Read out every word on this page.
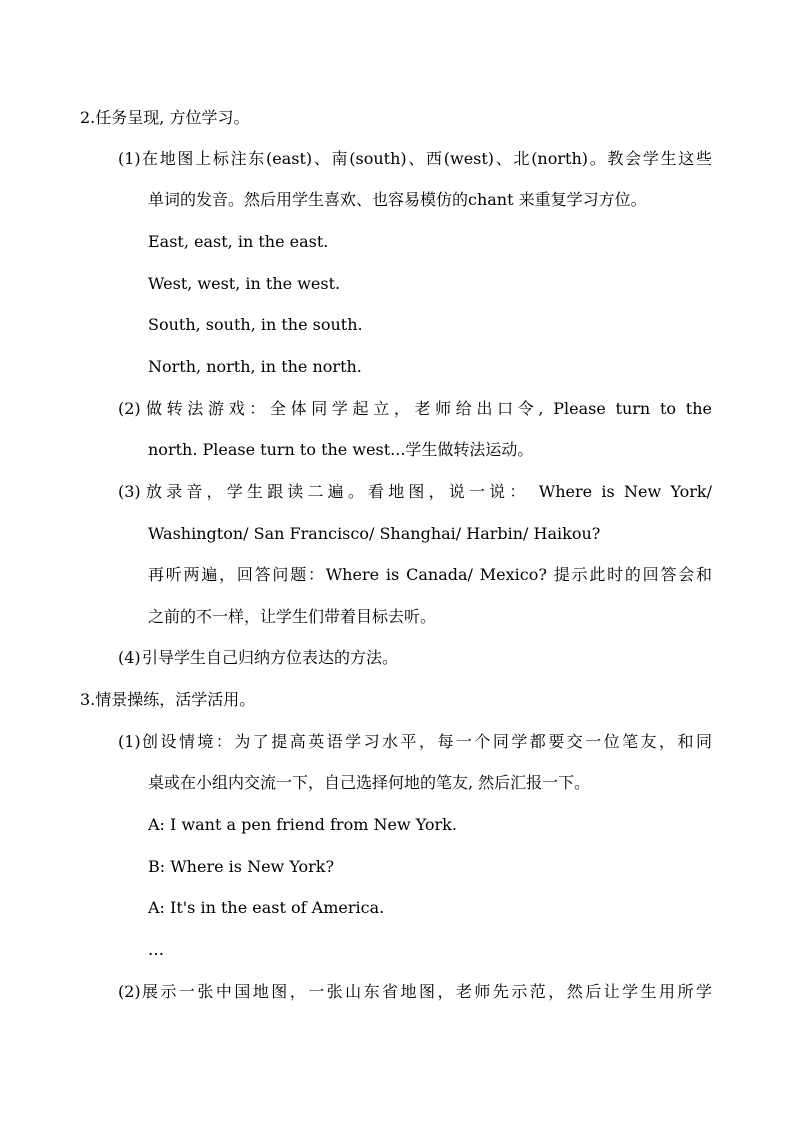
2.任务呈现, 方位学习。
(1) 在地图上标注东(east)、南(south)、西(west)、北(north)。教会学生这些
单词的发音。然后用学生喜欢、也容易模仿的chant 来重复学习方位。
East, east, in the east.
West, west, in the west.
South, south, in the south.
North, north, in the north.
(2) 做转法游戏：全体同学起立，老师给出口令, Please turn to the
north. Please turn to the west...学生做转法运动。
(3) 放录音，学生跟读二遍。看地图，说一说： Where is New York/
Washington/ San Francisco/ Shanghai/ Harbin/ Haikou?
再听两遍，回答问题：Where is Canada/ Mexico? 提示此时的回答会和
之前的不一样，让学生们带着目标去听。
(4) 引导学生自己归纳方位表达的方法。
3.情景操练，活学活用。
(1) 创设情境：为了提高英语学习水平，每一个同学都要交一位笔友，和同
桌或在小组内交流一下，自己选择何地的笔友, 然后汇报一下。
A: I want a pen friend from New York.
B: Where is New York?
A: It's in the east of America.
…
(2) 展示一张中国地图，一张山东省地图，老师先示范，然后让学生用所学
